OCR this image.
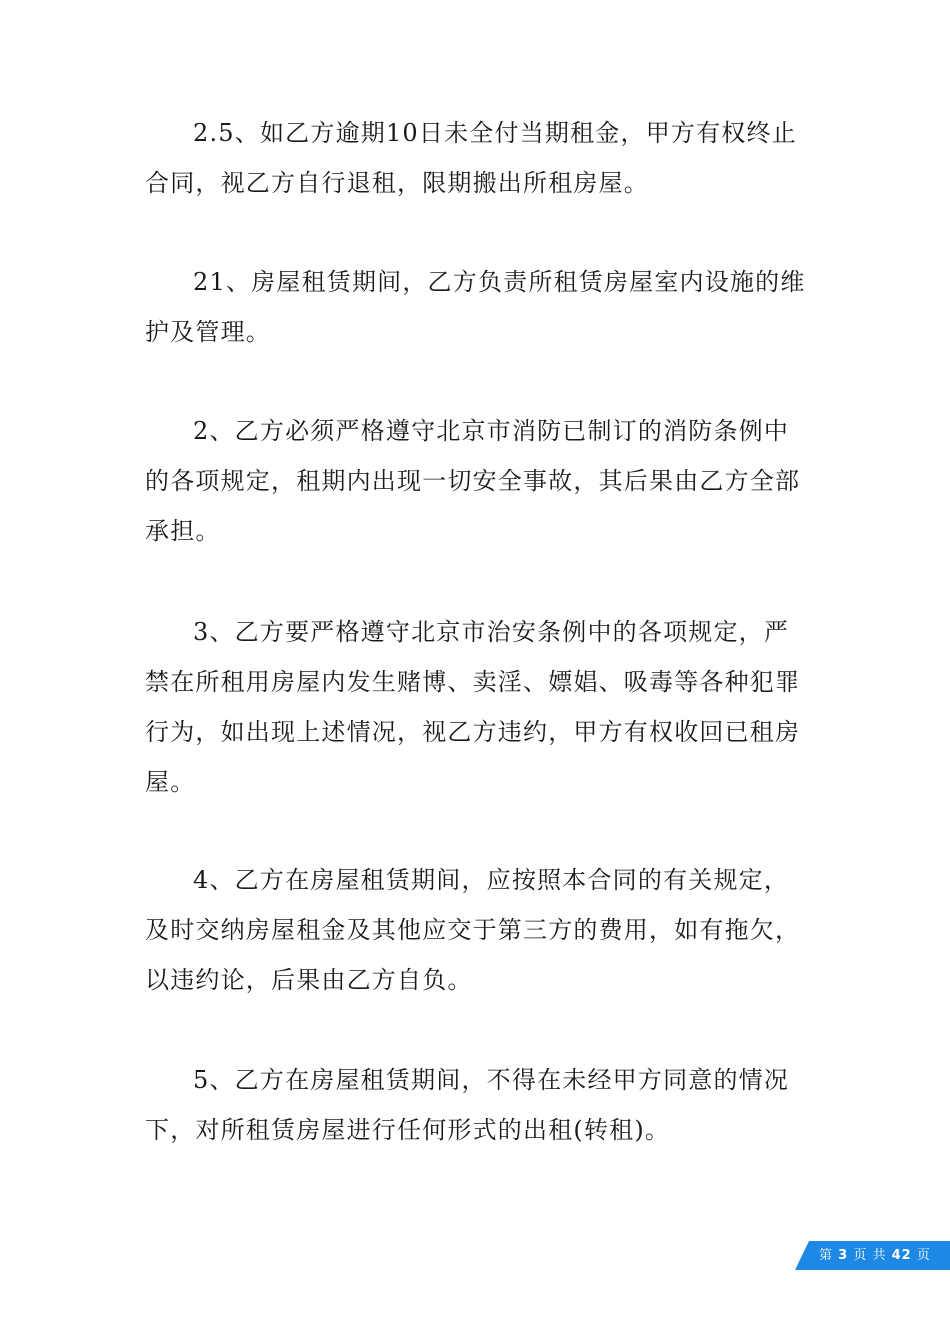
2.5、如乙方逾期10日未全付当期租金，甲方有权终止合同，视乙方自行退租，限期搬出所租房屋。

21、房屋租赁期间，乙方负责所租赁房屋室内设施的维护及管理。

2、乙方必须严格遵守北京市消防已制订的消防条例中的各项规定，租期内出现一切安全事故，其后果由乙方全部承担。

3、乙方要严格遵守北京市治安条例中的各项规定，严禁在所租用房屋内发生赌博、卖淫、嫖娼、吸毒等各种犯罪行为，如出现上述情况，视乙方违约，甲方有权收回已租房屋。

4、乙方在房屋租赁期间，应按照本合同的有关规定，及时交纳房屋租金及其他应交于第三方的费用，如有拖欠，以违约论，后果由乙方自负。

5、乙方在房屋租赁期间，不得在未经甲方同意的情况下，对所租赁房屋进行任何形式的出租(转租)。

第 3 页 共 42 页
